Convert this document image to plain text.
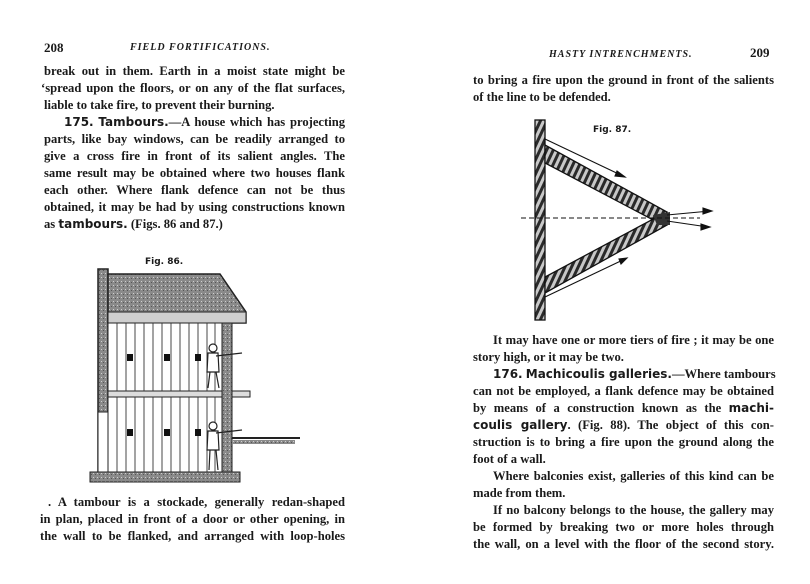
208	FIELD FORTIFICATIONS.
break out in them. Earth in a moist state might be
‘spread upon the floors, or on any of the flat surfaces,
liable to take fire, to prevent their burning.
175. Tambours.—A house which has projecting
parts, like bay windows, can be readily arranged to
give a cross fire in front of its salient angles. The
same result may be obtained where two houses flank
each other. Where flank defence can not be thus
obtained, it may be had by using constructions known
as tambours. (Figs. 86 and 87.)
Fig. 86.
. A tambour is a stockade, generally redan-shaped
in plan, placed in front of a door or other opening, in
the wall to be flanked, and arranged with loop-holes
HASTY INTRENCHMENTS.	209
to bring a fire upon the ground in front of the salients
of the line to be defended.
Fig. 87.
It may have one or more tiers of fire ; it may be one
story high, or it may be two.
176. Machicoulis galleries.—Where tambours
can not be employed, a flank defence may be obtained
by means of a construction known as the machi-
coulis gallery. (Fig. 88). The object of this con-
struction is to bring a fire upon the ground along the
foot of a wall.
Where balconies exist, galleries of this kind can be
made from them.
If no balcony belongs to the house, the gallery may
be formed by breaking two or more holes through
the wall, on a level with the floor of the second story.
